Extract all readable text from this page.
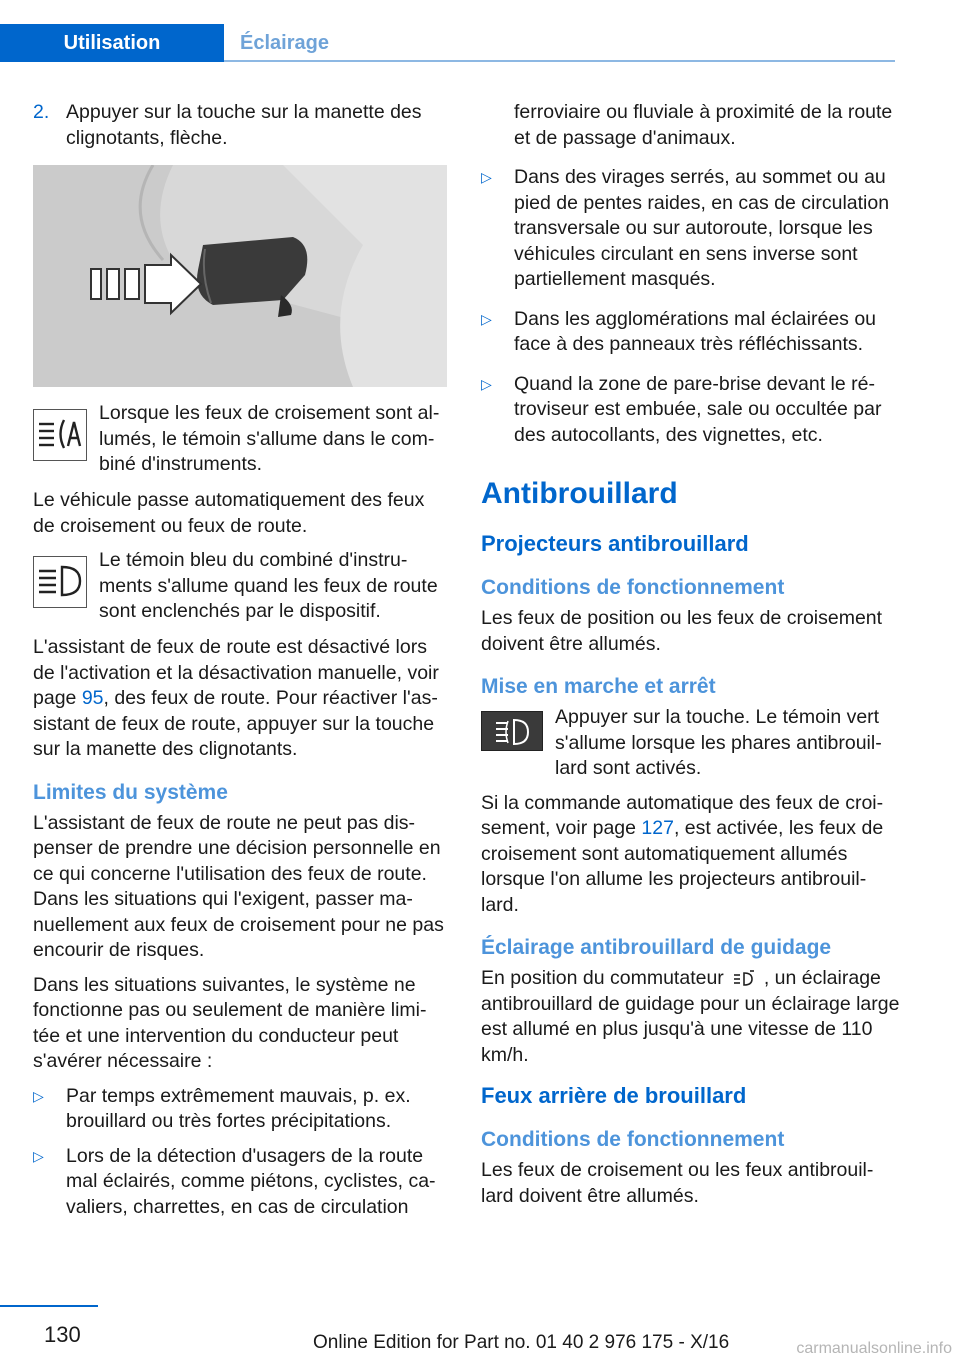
Utilisation	Éclairage
2. Appuyer sur la touche sur la manette des clignotants, flèche.
Lorsque les feux de croisement sont al-lumés, le témoin s'allume dans le com-biné d'instruments.

Le véhicule passe automatiquement des feux de croisement ou feux de route.

Le témoin bleu du combiné d'instru-ments s'allume quand les feux de route sont enclenchés par le dispositif.

L'assistant de feux de route est désactivé lors de l'activation et la désactivation manuelle, voir page 95, des feux de route. Pour réactiver l'as-sistant de feux de route, appuyer sur la touche sur la manette des clignotants.

Limites du système

L'assistant de feux de route ne peut pas dis-penser de prendre une décision personnelle en ce qui concerne l'utilisation des feux de route. Dans les situations qui l'exigent, passer ma-nuellement aux feux de croisement pour ne pas encourir de risques.

Dans les situations suivantes, le système ne fonctionne pas ou seulement de manière limi-tée et une intervention du conducteur peut s'avérer nécessaire :

▷ Par temps extrêmement mauvais, p. ex. brouillard ou très fortes précipitations.
▷ Lors de la détection d'usagers de la route mal éclairés, comme piétons, cyclistes, ca-valiers, charrettes, en cas de circulation
ferroviaire ou fluviale à proximité de la route et de passage d'animaux.
▷ Dans des virages serrés, au sommet ou au pied de pentes raides, en cas de circulation transversale ou sur autoroute, lorsque les véhicules circulant en sens inverse sont partiellement masqués.
▷ Dans les agglomérations mal éclairées ou face à des panneaux très réfléchissants.
▷ Quand la zone de pare-brise devant le ré-troviseur est embuée, sale ou occultée par des autocollants, des vignettes, etc.
Antibrouillard
Projecteurs antibrouillard
Conditions de fonctionnement

Les feux de position ou les feux de croisement doivent être allumés.

Mise en marche et arrêt
Appuyer sur la touche. Le témoin vert s'allume lorsque les phares antibrouil-lard sont activés.

Si la commande automatique des feux de croi-sement, voir page 127, est activée, les feux de croisement sont automatiquement allumés lorsque l'on allume les projecteurs antibrouil-lard.

Éclairage antibrouillard de guidage

En position du commutateur , un éclairage antibrouillard de guidage pour un éclairage large est allumé en plus jusqu'à une vitesse de 110 km/h.

Feux arrière de brouillard
Conditions de fonctionnement

Les feux de croisement ou les feux antibrouil-lard doivent être allumés.

130	Online Edition for Part no. 01 40 2 976 175 - X/16	carmanualsonline.info
